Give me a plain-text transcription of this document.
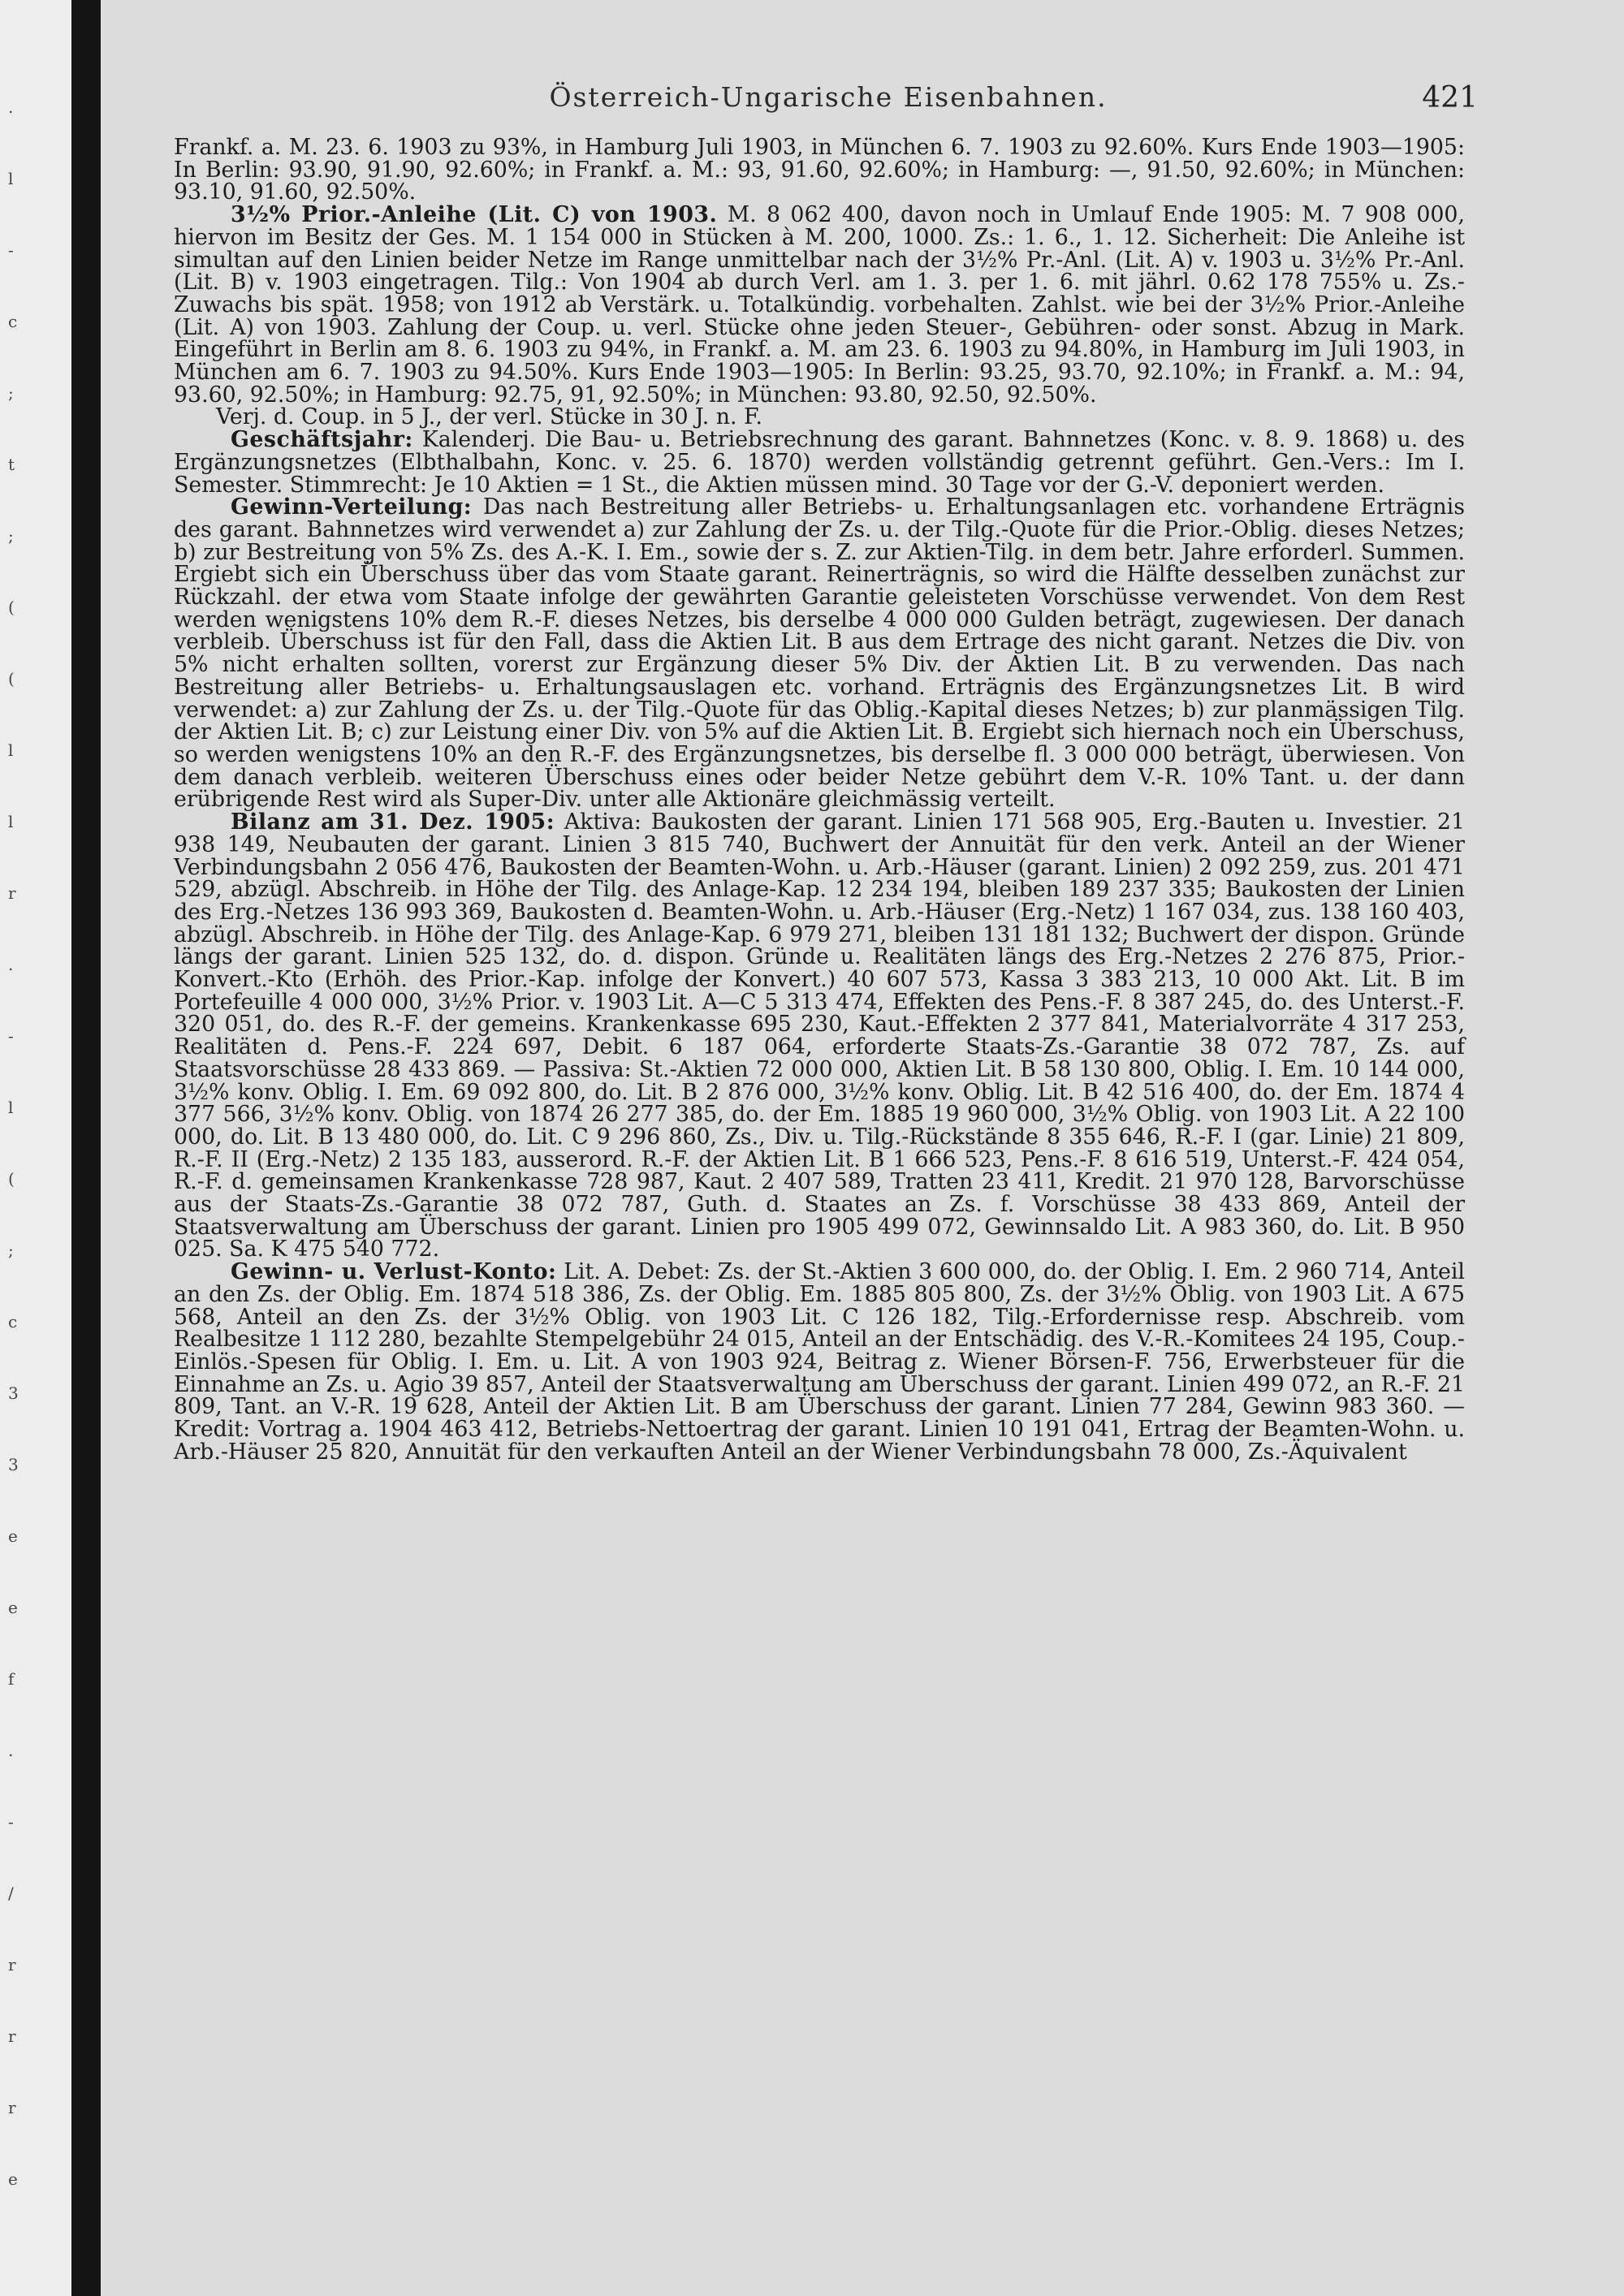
.
l
-
c
;
t
;
(
(
l
l
r
.
-
l
(
;
c
3
3
e
e
f
.
-
/
r
r
r
e
Österreich-Ungarische Eisenbahnen.	421

Frankf. a. M. 23. 6. 1903 zu 93%, in Hamburg Juli 1903, in München 6. 7. 1903 zu 92.60%. Kurs Ende 1903—1905: In Berlin: 93.90, 91.90, 92.60%; in Frankf. a. M.: 93, 91.60, 92.60%; in Hamburg: —, 91.50, 92.60%; in München: 93.10, 91.60, 92.50%.

3½% Prior.-Anleihe (Lit. C) von 1903. M. 8 062 400, davon noch in Umlauf Ende 1905: M. 7 908 000, hiervon im Besitz der Ges. M. 1 154 000 in Stücken à M. 200, 1000. Zs.: 1. 6., 1. 12. Sicherheit: Die Anleihe ist simultan auf den Linien beider Netze im Range unmittelbar nach der 3½% Pr.-Anl. (Lit. A) v. 1903 u. 3½% Pr.-Anl. (Lit. B) v. 1903 eingetragen. Tilg.: Von 1904 ab durch Verl. am 1. 3. per 1. 6. mit jährl. 0.62 178 755% u. Zs.-Zuwachs bis spät. 1958; von 1912 ab Verstärk. u. Totalkündig. vorbehalten. Zahlst. wie bei der 3½% Prior.-Anleihe (Lit. A) von 1903. Zahlung der Coup. u. verl. Stücke ohne jeden Steuer-, Gebühren- oder sonst. Abzug in Mark. Eingeführt in Berlin am 8. 6. 1903 zu 94%, in Frankf. a. M. am 23. 6. 1903 zu 94.80%, in Hamburg im Juli 1903, in München am 6. 7. 1903 zu 94.50%. Kurs Ende 1903—1905: In Berlin: 93.25, 93.70, 92.10%; in Frankf. a. M.: 94, 93.60, 92.50%; in Hamburg: 92.75, 91, 92.50%; in München: 93.80, 92.50, 92.50%.

Verj. d. Coup. in 5 J., der verl. Stücke in 30 J. n. F.

Geschäftsjahr: Kalenderj. Die Bau- u. Betriebsrechnung des garant. Bahnnetzes (Konc. v. 8. 9. 1868) u. des Ergänzungsnetzes (Elbthalbahn, Konc. v. 25. 6. 1870) werden vollständig getrennt geführt. Gen.-Vers.: Im I. Semester. Stimmrecht: Je 10 Aktien = 1 St., die Aktien müssen mind. 30 Tage vor der G.-V. deponiert werden.

Gewinn-Verteilung: Das nach Bestreitung aller Betriebs- u. Erhaltungsanlagen etc. vorhandene Erträgnis des garant. Bahnnetzes wird verwendet a) zur Zahlung der Zs. u. der Tilg.-Quote für die Prior.-Oblig. dieses Netzes; b) zur Bestreitung von 5% Zs. des A.-K. I. Em., sowie der s. Z. zur Aktien-Tilg. in dem betr. Jahre erforderl. Summen. Ergiebt sich ein Überschuss über das vom Staate garant. Reinerträgnis, so wird die Hälfte desselben zunächst zur Rückzahl. der etwa vom Staate infolge der gewährten Garantie geleisteten Vorschüsse verwendet. Von dem Rest werden wenigstens 10% dem R.-F. dieses Netzes, bis derselbe 4 000 000 Gulden beträgt, zugewiesen. Der danach verbleib. Überschuss ist für den Fall, dass die Aktien Lit. B aus dem Ertrage des nicht garant. Netzes die Div. von 5% nicht erhalten sollten, vorerst zur Ergänzung dieser 5% Div. der Aktien Lit. B zu verwenden. Das nach Bestreitung aller Betriebs- u. Erhaltungsauslagen etc. vorhand. Erträgnis des Ergänzungsnetzes Lit. B wird verwendet: a) zur Zahlung der Zs. u. der Tilg.-Quote für das Oblig.-Kapital dieses Netzes; b) zur planmässigen Tilg. der Aktien Lit. B; c) zur Leistung einer Div. von 5% auf die Aktien Lit. B. Ergiebt sich hiernach noch ein Überschuss, so werden wenigstens 10% an den R.-F. des Ergänzungsnetzes, bis derselbe fl. 3 000 000 beträgt, überwiesen. Von dem danach verbleib. weiteren Überschuss eines oder beider Netze gebührt dem V.-R. 10% Tant. u. der dann erübrigende Rest wird als Super-Div. unter alle Aktionäre gleichmässig verteilt.

Bilanz am 31. Dez. 1905: Aktiva: Baukosten der garant. Linien 171 568 905, Erg.-Bauten u. Investier. 21 938 149, Neubauten der garant. Linien 3 815 740, Buchwert der Annuität für den verk. Anteil an der Wiener Verbindungsbahn 2 056 476, Baukosten der Beamten-Wohn. u. Arb.-Häuser (garant. Linien) 2 092 259, zus. 201 471 529, abzügl. Abschreib. in Höhe der Tilg. des Anlage-Kap. 12 234 194, bleiben 189 237 335; Baukosten der Linien des Erg.-Netzes 136 993 369, Baukosten d. Beamten-Wohn. u. Arb.-Häuser (Erg.-Netz) 1 167 034, zus. 138 160 403, abzügl. Abschreib. in Höhe der Tilg. des Anlage-Kap. 6 979 271, bleiben 131 181 132; Buchwert der dispon. Gründe längs der garant. Linien 525 132, do. d. dispon. Gründe u. Realitäten längs des Erg.-Netzes 2 276 875, Prior.-Konvert.-Kto (Erhöh. des Prior.-Kap. infolge der Konvert.) 40 607 573, Kassa 3 383 213, 10 000 Akt. Lit. B im Portefeuille 4 000 000, 3½% Prior. v. 1903 Lit. A—C 5 313 474, Effekten des Pens.-F. 8 387 245, do. des Unterst.-F. 320 051, do. des R.-F. der gemeins. Krankenkasse 695 230, Kaut.-Effekten 2 377 841, Materialvorräte 4 317 253, Realitäten d. Pens.-F. 224 697, Debit. 6 187 064, erforderte Staats-Zs.-Garantie 38 072 787, Zs. auf Staatsvorschüsse 28 433 869. — Passiva: St.-Aktien 72 000 000, Aktien Lit. B 58 130 800, Oblig. I. Em. 10 144 000, 3½% konv. Oblig. I. Em. 69 092 800, do. Lit. B 2 876 000, 3½% konv. Oblig. Lit. B 42 516 400, do. der Em. 1874 4 377 566, 3½% konv. Oblig. von 1874 26 277 385, do. der Em. 1885 19 960 000, 3½% Oblig. von 1903 Lit. A 22 100 000, do. Lit. B 13 480 000, do. Lit. C 9 296 860, Zs., Div. u. Tilg.-Rückstände 8 355 646, R.-F. I (gar. Linie) 21 809, R.-F. II (Erg.-Netz) 2 135 183, ausserord. R.-F. der Aktien Lit. B 1 666 523, Pens.-F. 8 616 519, Unterst.-F. 424 054, R.-F. d. gemeinsamen Krankenkasse 728 987, Kaut. 2 407 589, Tratten 23 411, Kredit. 21 970 128, Barvorschüsse aus der Staats-Zs.-Garantie 38 072 787, Guth. d. Staates an Zs. f. Vorschüsse 38 433 869, Anteil der Staatsverwaltung am Überschuss der garant. Linien pro 1905 499 072, Gewinnsaldo Lit. A 983 360, do. Lit. B 950 025. Sa. K 475 540 772.

Gewinn- u. Verlust-Konto: Lit. A. Debet: Zs. der St.-Aktien 3 600 000, do. der Oblig. I. Em. 2 960 714, Anteil an den Zs. der Oblig. Em. 1874 518 386, Zs. der Oblig. Em. 1885 805 800, Zs. der 3½% Oblig. von 1903 Lit. A 675 568, Anteil an den Zs. der 3½% Oblig. von 1903 Lit. C 126 182, Tilg.-Erfordernisse resp. Abschreib. vom Realbesitze 1 112 280, bezahlte Stempelgebühr 24 015, Anteil an der Entschädig. des V.-R.-Komitees 24 195, Coup.-Einlös.-Spesen für Oblig. I. Em. u. Lit. A von 1903 924, Beitrag z. Wiener Börsen-F. 756, Erwerbsteuer für die Einnahme an Zs. u. Agio 39 857, Anteil der Staatsverwaltung am Überschuss der garant. Linien 499 072, an R.-F. 21 809, Tant. an V.-R. 19 628, Anteil der Aktien Lit. B am Überschuss der garant. Linien 77 284, Gewinn 983 360. — Kredit: Vortrag a. 1904 463 412, Betriebs-Nettoertrag der garant. Linien 10 191 041, Ertrag der Beamten-Wohn. u. Arb.-Häuser 25 820, Annuität für den verkauften Anteil an der Wiener Verbindungsbahn 78 000, Zs.-Äquivalent
